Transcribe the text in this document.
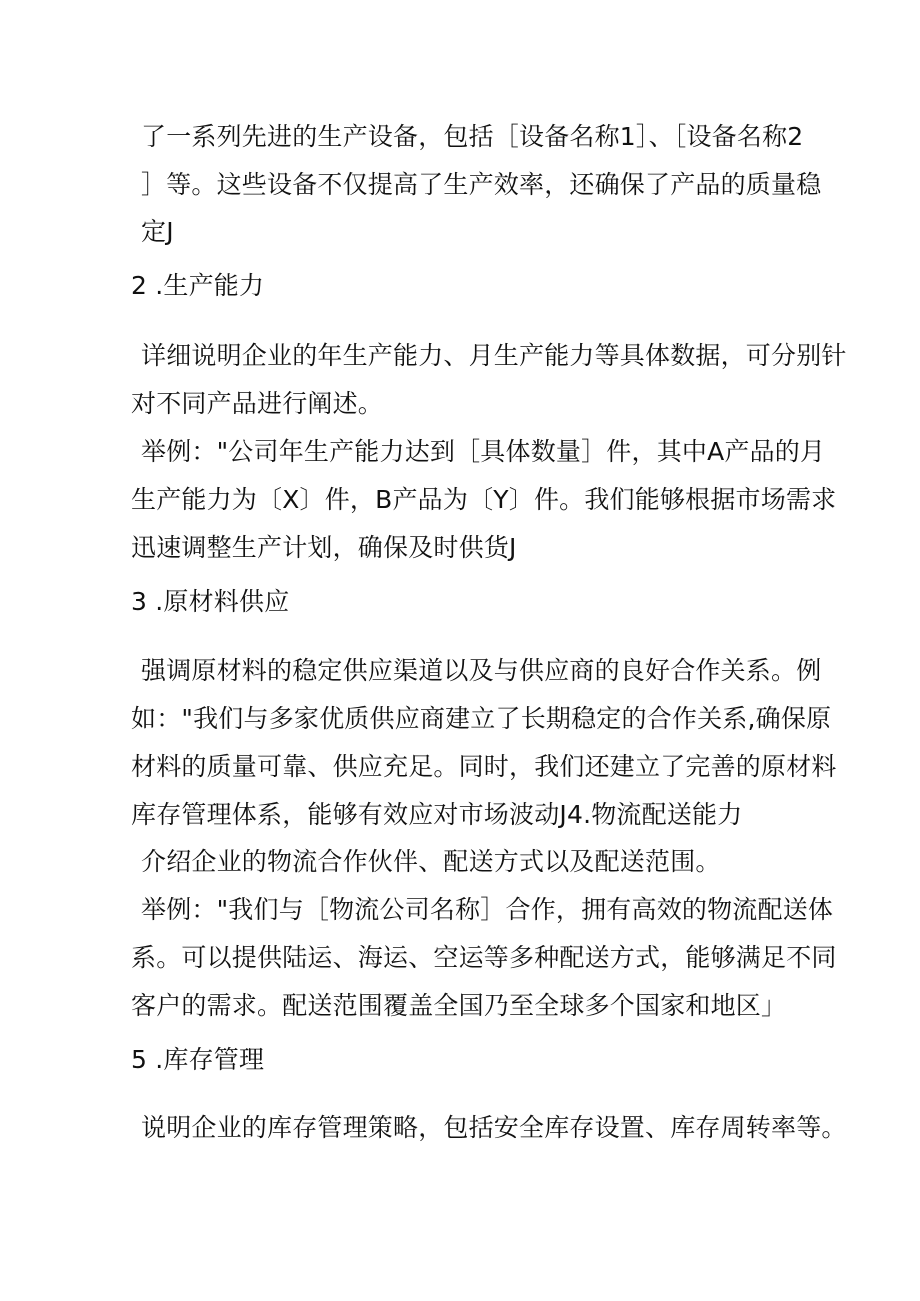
了一系列先进的生产设备，包括［设备名称1］、［设备名称2
］等。这些设备不仅提高了生产效率，还确保了产品的质量稳
定J
2 .生产能力
详细说明企业的年生产能力、月生产能力等具体数据，可分别针
对不同产品进行阐述。
举例："公司年生产能力达到［具体数量］件，其中A产品的月
生产能力为〔X〕件，B产品为〔Y〕件。我们能够根据市场需求
迅速调整生产计划，确保及时供货J
3 .原材料供应
强调原材料的稳定供应渠道以及与供应商的良好合作关系。例
如："我们与多家优质供应商建立了长期稳定的合作关系,确保原
材料的质量可靠、供应充足。同时，我们还建立了完善的原材料
库存管理体系，能够有效应对市场波动J4.物流配送能力
介绍企业的物流合作伙伴、配送方式以及配送范围。
举例："我们与［物流公司名称］合作，拥有高效的物流配送体
系。可以提供陆运、海运、空运等多种配送方式，能够满足不同
客户的需求。配送范围覆盖全国乃至全球多个国家和地区」
5 .库存管理
说明企业的库存管理策略，包括安全库存设置、库存周转率等。
